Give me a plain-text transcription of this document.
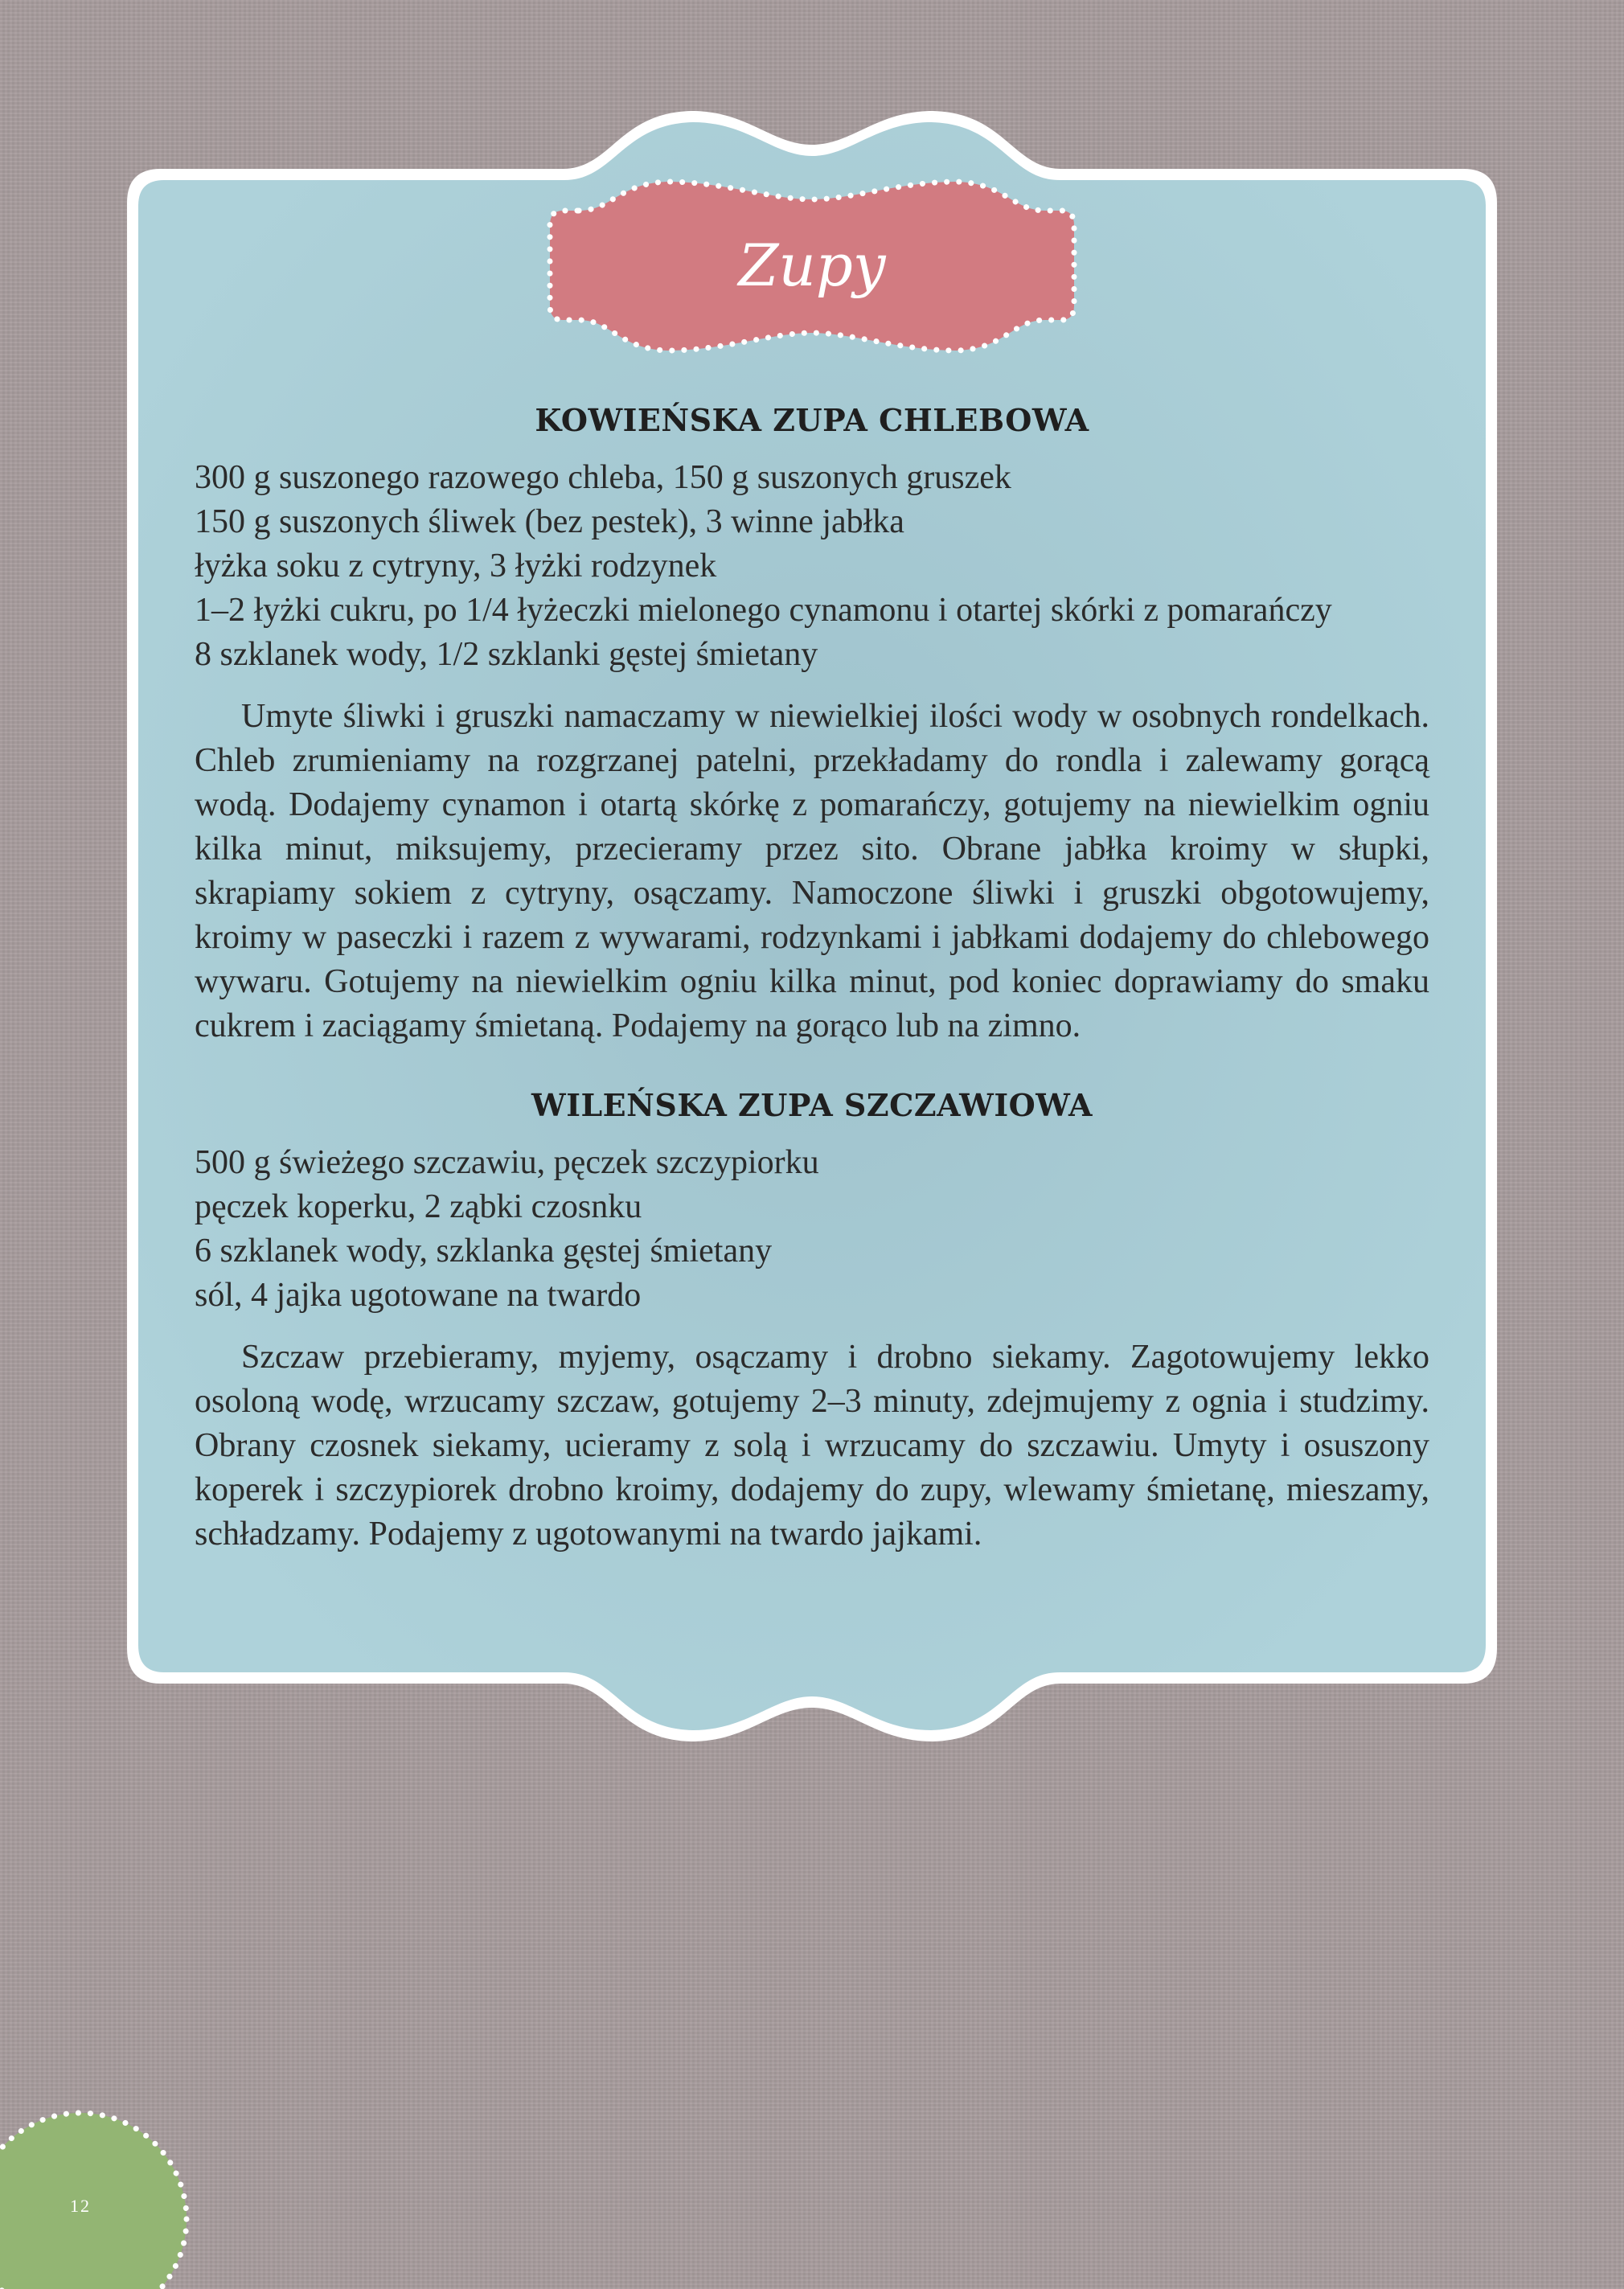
Zupy
KOWIEŃSKA ZUPA CHLEBOWA
300 g suszonego razowego chleba, 150 g suszonych gruszek
150 g suszonych śliwek (bez pestek), 3 winne jabłka
łyżka soku z cytryny, 3 łyżki rodzynek
1–2 łyżki cukru, po 1/4 łyżeczki mielonego cynamonu i otartej skórki z pomarańczy
8 szklanek wody, 1/2 szklanki gęstej śmietany

Umyte śliwki i gruszki namaczamy w niewielkiej ilości wody w osobnych rondelkach. Chleb zrumieniamy na rozgrzanej patelni, przekładamy do rondla i zalewamy gorącą wodą. Dodajemy cynamon i otartą skórkę z pomarańczy, gotujemy na niewielkim ogniu kilka minut, miksujemy, przecieramy przez sito. Obrane jabłka kroimy w słupki, skrapiamy sokiem z cytryny, osączamy. Namoczone śliwki i gruszki obgotowujemy, kroimy w paseczki i razem z wywarami, rodzynkami i jabłkami dodajemy do chlebowego wywaru. Gotujemy na niewielkim ogniu kilka minut, pod koniec doprawiamy do smaku cukrem i zaciągamy śmietaną. Podajemy na gorąco lub na zimno.

WILEŃSKA ZUPA SZCZAWIOWA
500 g świeżego szczawiu, pęczek szczypiorku
pęczek koperku, 2 ząbki czosnku
6 szklanek wody, szklanka gęstej śmietany
sól, 4 jajka ugotowane na twardo

Szczaw przebieramy, myjemy, osączamy i drobno siekamy. Zagotowujemy lekko osoloną wodę, wrzucamy szczaw, gotujemy 2–3 minuty, zdejmujemy z ognia i studzimy. Obrany czosnek siekamy, ucieramy z solą i wrzucamy do szczawiu. Umyty i osuszony koperek i szczypiorek drobno kroimy, dodajemy do zupy, wlewamy śmietanę, mieszamy, schładzamy. Podajemy z ugotowanymi na twardo jajkami.

12
